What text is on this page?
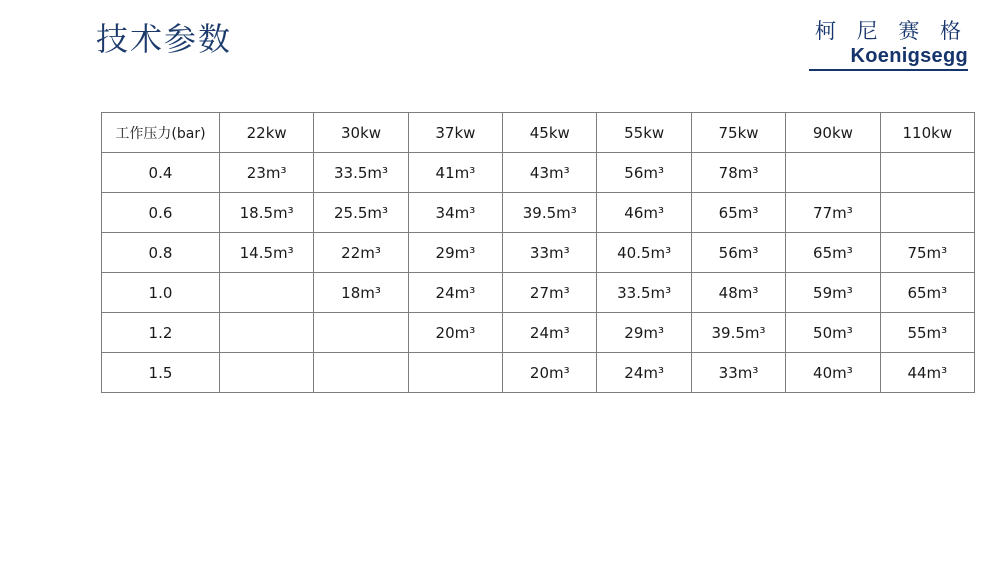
技术参数	柯 尼 赛 格
Koenigsegg
工作压力(bar)	22kw	30kw	37kw	45kw	55kw	75kw	90kw	110kw
0.4	23m³	33.5m³	41m³	43m³	56m³	78m³		
0.6	18.5m³	25.5m³	34m³	39.5m³	46m³	65m³	77m³	
0.8	14.5m³	22m³	29m³	33m³	40.5m³	56m³	65m³	75m³
1.0		18m³	24m³	27m³	33.5m³	48m³	59m³	65m³
1.2			20m³	24m³	29m³	39.5m³	50m³	55m³
1.5				20m³	24m³	33m³	40m³	44m³
